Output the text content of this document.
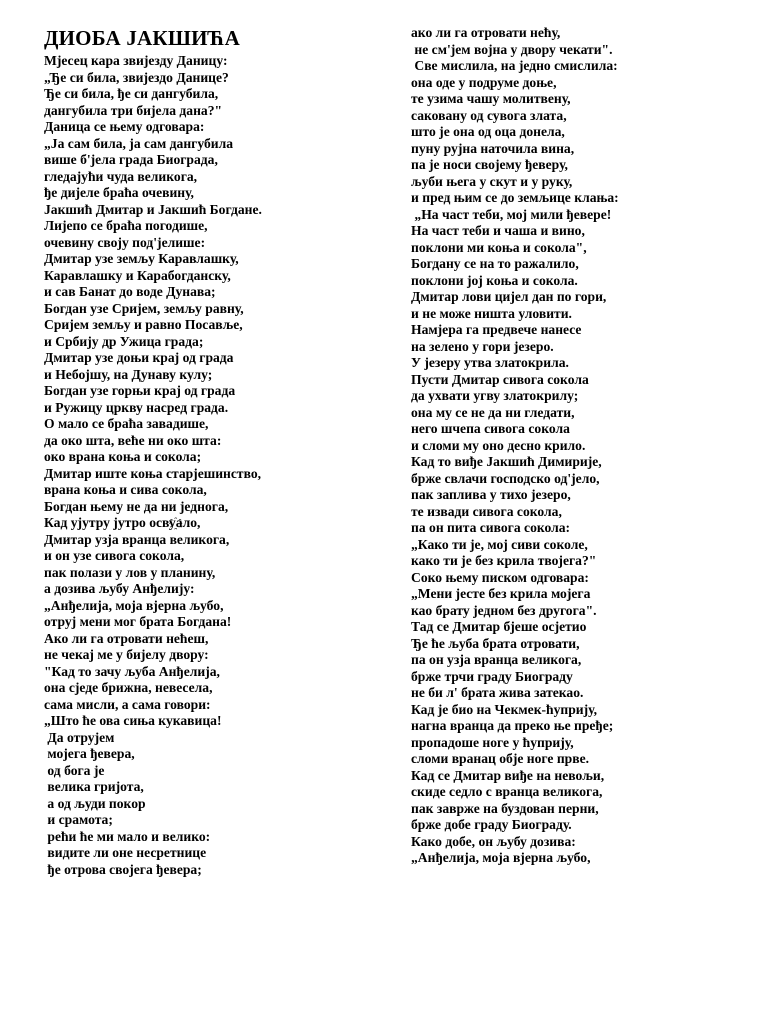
ДИОБА ЈАКШИЋА
Мјесец кара звијезду Даницу:
„Ђе си била, звијездо Данице?
Ђе си била, ђе си дангубила,
дангубила три бијела дана?"
Даница се њему одговара:
„Ја сам била, ја сам дангубила
више б'јела града Биограда,
гледајући чуда великога,
ђе дијеле браћа очевину,
Јакшић Дмитар и Јакшић Богдане.
Лијепо се браћа погодише,
очевину своју под'јелише:
Дмитар узе земљу Каравлашку,
Каравлашку и Карабогданску,
и сав Банат до воде Дунава;
Богдан узе Сријем, земљу равну,
Сријем земљу и равно Посавље,
и Србију др Ужица града;
Дмитар узе доњи крај од града
и Небојшу, на Дунаву кулу;
Богдан узе горњи крај од града
и Ружицу цркву насред града.
О мало се браћа завадише,
да око шта, веће ни око шта:
око врана коња и сокола;
Дмитар иште коња старјешинство,
врана коња и сива сокола,
Богдан њему не да ни једнога,
Кад ујутру јутро осву҈ало,
Дмитар узја вранца великога,
и он узе сивога сокола,
пак полази у лов у планину,
а дозива љубу Анђелију:
„Анђелија, моја вјерна љубо,
отруј мени мог брата Богдана!
Ако ли га отровати нећеш,
не чекај ме у бијелу двору:
"Кад то зачу љуба Анђелија,
она сједе брижна, невесела,
сама мисли, а сама говори:
„Што ће ова сиња кукавица!
Да отрујем
мојега ђевера,
од бога је
велика гријота,
а од људи покор
и срамота;
рећи ће ми мало и велико:
видите ли оне несретнице
ђе отрова својега ђевера;
ако ли га отровати нећу,
не см'јем војна у двору чекати".
Све мислила, на једно смислила:
она оде у подруме доње,
те узима чашу молитвену,
саковану од сувога злата,
што је она од оца донела,
пуну рујна наточила вина,
па је носи својему ђеверу,
љуби њега у скут и у руку,
и пред њим се до земљице клања:
„На част теби, мој мили ђевере!
На част теби и чаша и вино,
поклони ми коња и сокола",
Богдану се на то ражалило,
поклони јој коња и сокола.
Дмитар лови цијел дан по гори,
и не може ништа уловити.
Намјера га предвече нанесе
на зелено у гори језеро.
У језеру утва златокрила.
Пусти Дмитар сивога сокола
да ухвати угву златокрилу;
она му се не да ни гледати,
него шчепа сивога сокола
и сломи му оно десно крило.
Кад то виђе Јакшић Димирије,
брже свлачи господско од'јело,
пак заплива у тихо језеро,
те извади сивога сокола,
па он пита сивога сокола:
„Како ти је, мој сиви соколе,
како ти је без крила твојега?"
Соко њему писком одговара:
„Мени јесте без крила мојега
као брату једном без другога".
Тад се Дмитар бјеше осјетио
Ђе ће љуба брата отровати,
па он узја вранца великога,
брже трчи граду Биограду
не би л' брата жива затекао.
Кад је био на Чекмек-ћуприју,
нагна вранца да преко ње пређе;
пропадоше ноге у ћуприју,
сломи вранац обје ноге прве.
Кад се Дмитар виђе на невољи,
скиде седло с вранца великога,
пак заврже на буздован перни,
брже добе граду Биограду.
Како добе, он љубу дозива:
„Анђелија, моја вјерна љубо,
